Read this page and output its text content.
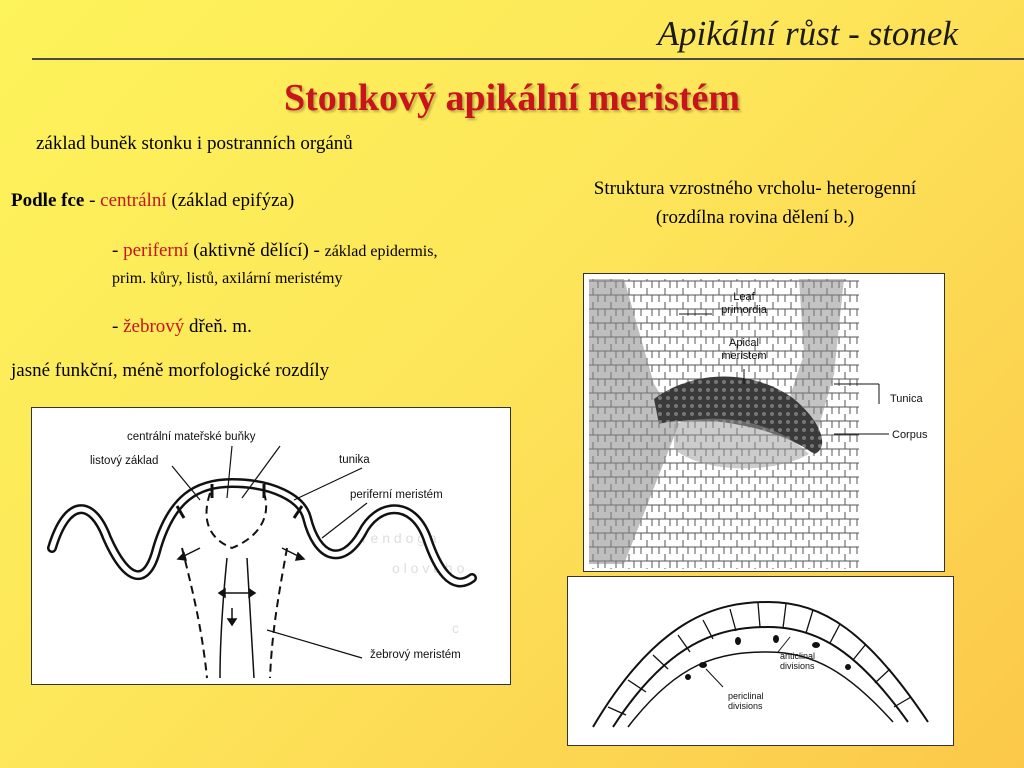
Apikální růst - stonek
Stonkový apikální meristém
základ buněk stonku i postranních orgánů
Podle fce - centrální (základ epifýza)
- periferní (aktivně dělící) - základ epidermis,
prim. kůry, listů, axilární meristémy
- žebrový dřeň. m.
jasné funkční, méně morfologické rozdíly
Struktura vzrostného vrcholu- heterogenní
(rozdílna rovina dělení b.)
r e n d o g a
o l o v é h o
c
centrální mateřské buňky
listový základ	tunika
periferní meristém
žebrový meristém
Leaf
primordia
Apical
meristem
Tunica
Corpus
anticlinal
divisions
periclinal
divisions
